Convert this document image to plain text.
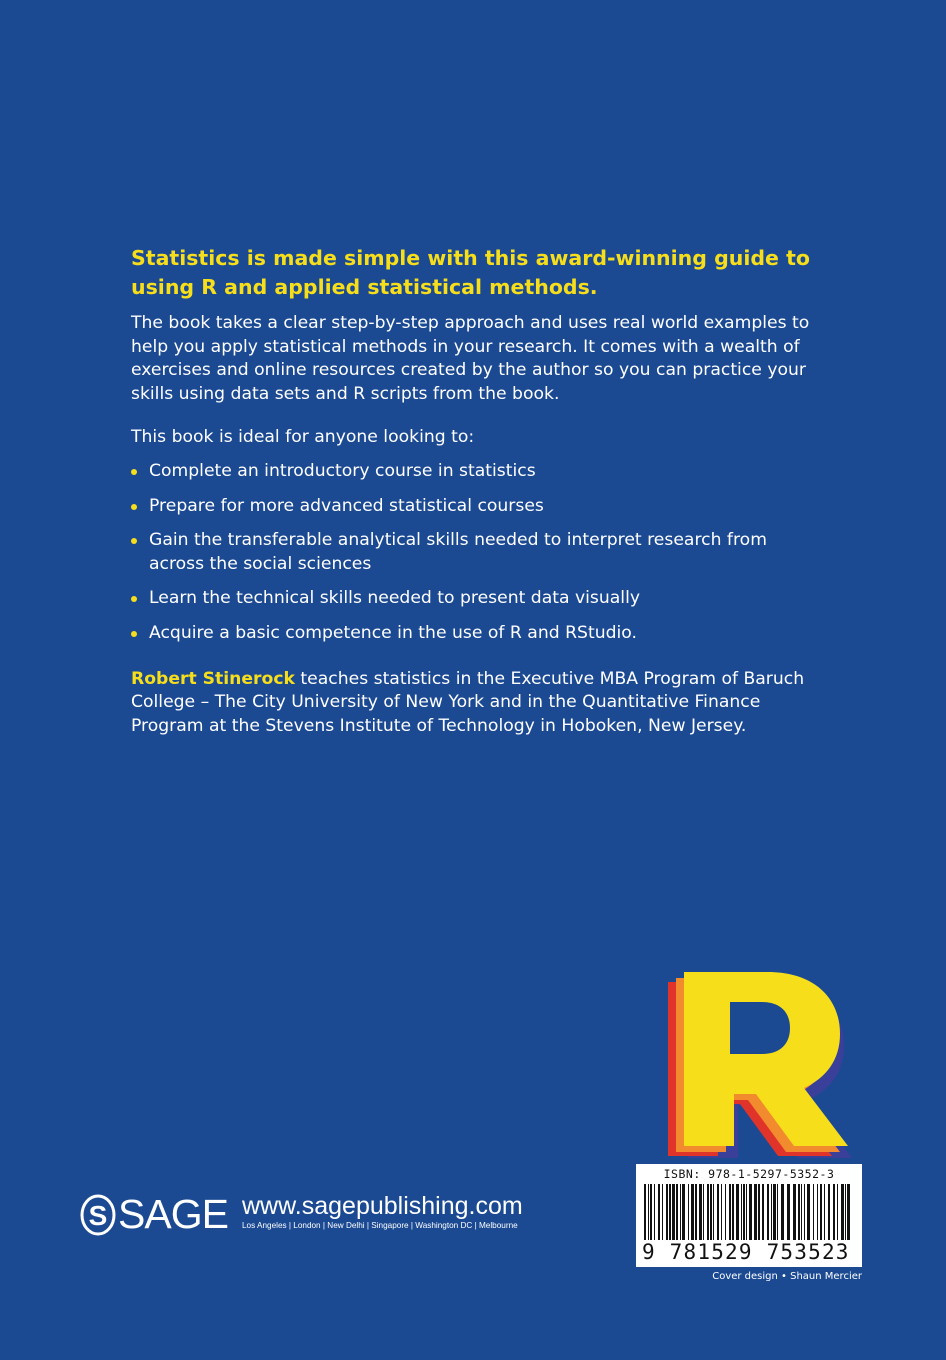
Statistics is made simple with this award-winning guide to using R and applied statistical methods.

The book takes a clear step-by-step approach and uses real world examples to help you apply statistical methods in your research. It comes with a wealth of exercises and online resources created by the author so you can practice your skills using data sets and R scripts from the book.

This book is ideal for anyone looking to:

Complete an introductory course in statistics
Prepare for more advanced statistical courses
Gain the transferable analytical skills needed to interpret research from across the social sciences
Learn the technical skills needed to present data visually
Acquire a basic competence in the use of R and RStudio.

Robert Stinerock teaches statistics in the Executive MBA Program of Baruch College – The City University of New York and in the Quantitative Finance Program at the Stevens Institute of Technology in Hoboken, New Jersey.

ISBN: 978-1-5297-5352-3
9 781529 753523
Cover design • Shaun Mercier
S SAGE www.sagepublishing.com
Los Angeles | London | New Delhi | Singapore | Washington DC | Melbourne
